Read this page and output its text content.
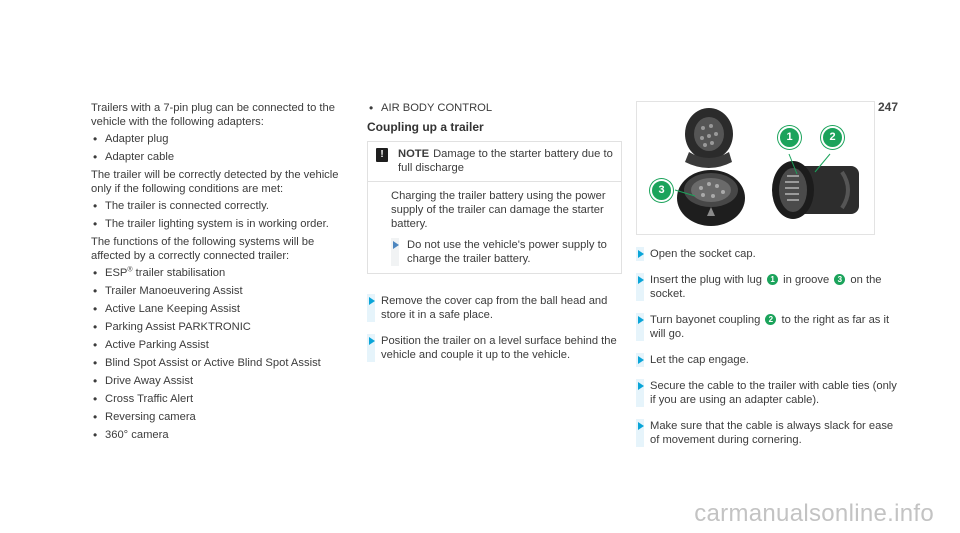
247

Trailers with a 7-pin plug can be connected to the vehicle with the following adapters:

• Adapter plug
• Adapter cable

The trailer will be correctly detected by the vehicle only if the following conditions are met:

• The trailer is connected correctly.
• The trailer lighting system is in working order.

The functions of the following systems will be affected by a correctly connected trailer:

• ESP® trailer stabilisation
• Trailer Manoeuvering Assist
• Active Lane Keeping Assist
• Parking Assist PARKTRONIC
• Active Parking Assist
• Blind Spot Assist or Active Blind Spot Assist
• Drive Away Assist
• Cross Traffic Alert
• Reversing camera
• 360° camera
• AIR BODY CONTROL
Coupling up a trailer
!	NOTE Damage to the starter battery due to full discharge
Charging the trailer battery using the power supply of the trailer can damage the starter battery.
Do not use the vehicle's power supply to charge the trailer battery.
Remove the cover cap from the ball head and store it in a safe place.
Position the trailer on a level surface behind the vehicle and couple it up to the vehicle.
1	2
3
Open the socket cap.
Insert the plug with lug 1 in groove 3 on the socket.
Turn bayonet coupling 2 to the right as far as it will go.
Let the cap engage.
Secure the cable to the trailer with cable ties (only if you are using an adapter cable).
Make sure that the cable is always slack for ease of movement during cornering.
carmanualsonline.info
